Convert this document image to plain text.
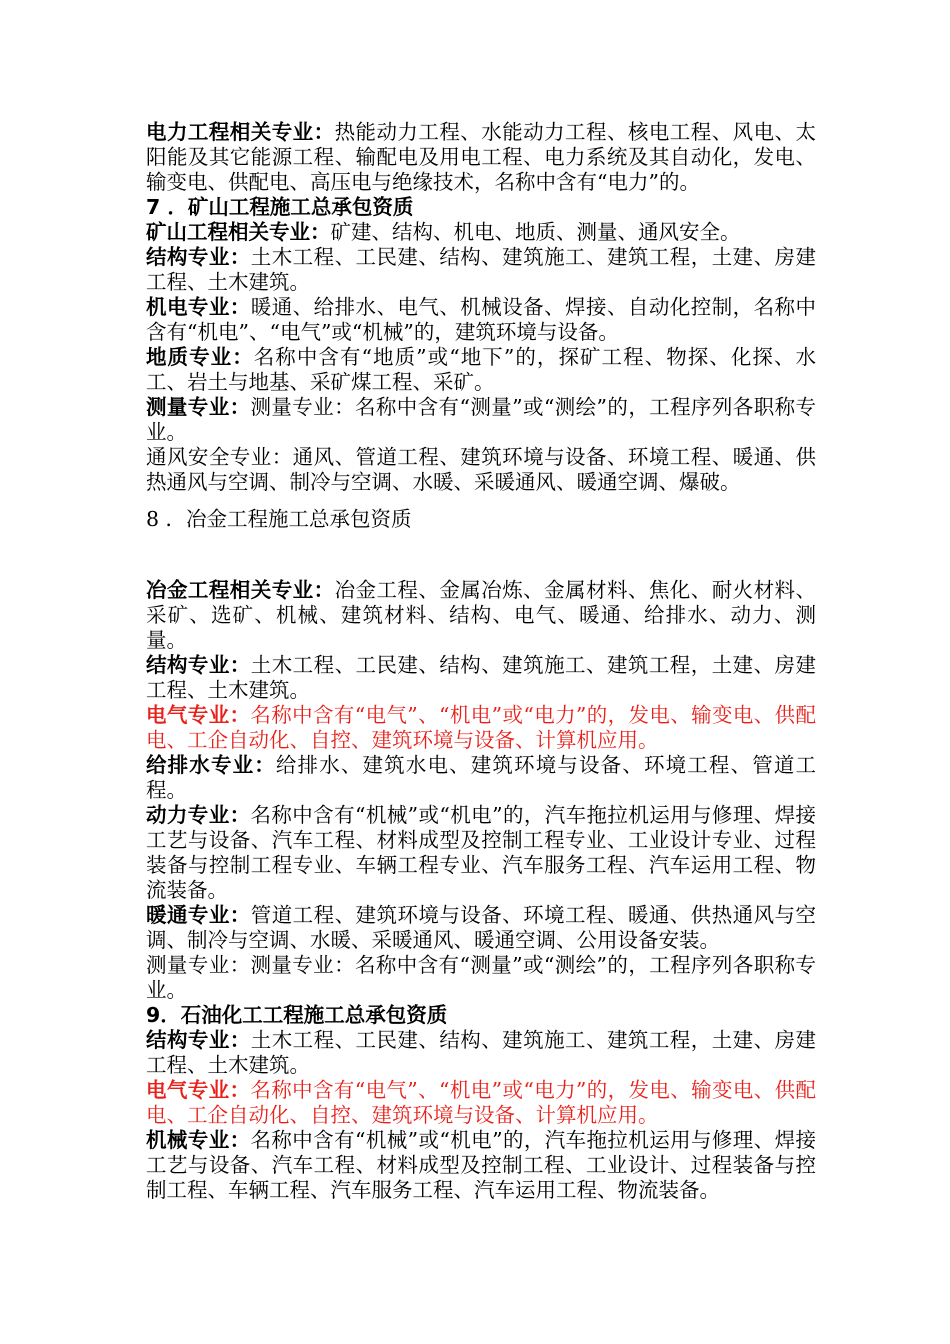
电力工程相关专业：热能动力工程、水能动力工程、核电工程、风电、太阳能及其它能源工程、输配电及用电工程、电力系统及其自动化，发电、输变电、供配电、高压电与绝缘技术，名称中含有“电力”的。

7 ．矿山工程施工总承包资质

矿山工程相关专业：矿建、结构、机电、地质、测量、通风安全。

结构专业：土木工程、工民建、结构、建筑施工、建筑工程，土建、房建工程、土木建筑。

机电专业：暖通、给排水、电气、机械设备、焊接、自动化控制，名称中含有“机电”、“电气”或“机械”的，建筑环境与设备。

地质专业：名称中含有“地质”或“地下”的，探矿工程、物探、化探、水工、岩土与地基、采矿煤工程、采矿。

测量专业：测量专业：名称中含有“测量”或“测绘”的，工程序列各职称专业。

通风安全专业：通风、管道工程、建筑环境与设备、环境工程、暖通、供热通风与空调、制冷与空调、水暖、采暖通风、暖通空调、爆破。

8 ．冶金工程施工总承包资质

冶金工程相关专业：冶金工程、金属冶炼、金属材料、焦化、耐火材料、采矿、选矿、机械、建筑材料、结构、电气、暖通、给排水、动力、测量。

结构专业：土木工程、工民建、结构、建筑施工、建筑工程，土建、房建工程、土木建筑。

电气专业：名称中含有“电气”、“机电”或“电力”的，发电、输变电、供配电、工企自动化、自控、建筑环境与设备、计算机应用。

给排水专业：给排水、建筑水电、建筑环境与设备、环境工程、管道工程。

动力专业：名称中含有“机械”或“机电”的，汽车拖拉机运用与修理、焊接工艺与设备、汽车工程、材料成型及控制工程专业、工业设计专业、过程装备与控制工程专业、车辆工程专业、汽车服务工程、汽车运用工程、物流装备。

暖通专业：管道工程、建筑环境与设备、环境工程、暖通、供热通风与空调、制冷与空调、水暖、采暖通风、暖通空调、公用设备安装。

测量专业：测量专业：名称中含有“测量”或“测绘”的，工程序列各职称专业。

9．石油化工工程施工总承包资质

结构专业：土木工程、工民建、结构、建筑施工、建筑工程，土建、房建工程、土木建筑。

电气专业：名称中含有“电气”、“机电”或“电力”的，发电、输变电、供配电、工企自动化、自控、建筑环境与设备、计算机应用。

机械专业：名称中含有“机械”或“机电”的，汽车拖拉机运用与修理、焊接工艺与设备、汽车工程、材料成型及控制工程、工业设计、过程装备与控制工程、车辆工程、汽车服务工程、汽车运用工程、物流装备。
